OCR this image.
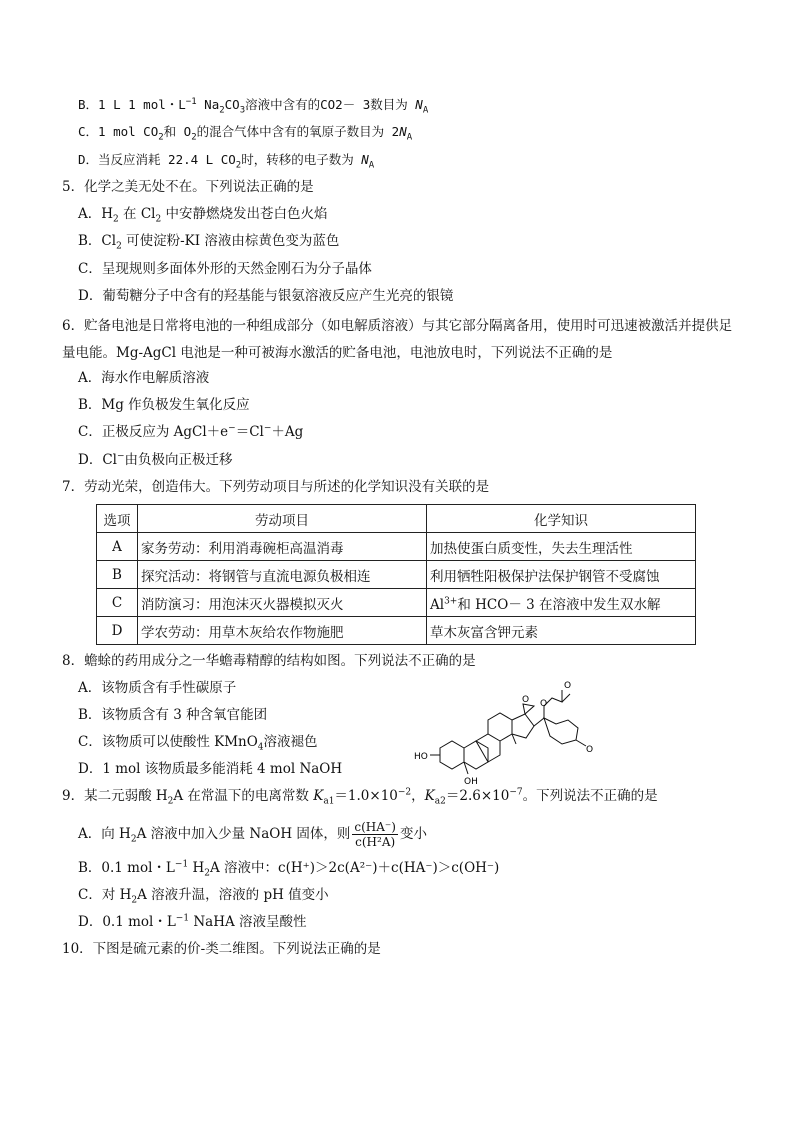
B．1 L 1 mol・$L^{-1}$ $Na_2CO_3$溶液中含有的CO2－ 3数目为 $N_A$
C．1 mol $CO_2$和 $O_2$的混合气体中含有的氧原子数目为 $2N_A$
D．当反应消耗 22.4 L $CO_2$时，转移的电子数为 $N_A$
5．化学之美无处不在。下列说法正确的是
A．$H_2$ 在 $Cl_2$ 中安静燃烧发出苍白色火焰
B．$Cl_2$ 可使淀粉-KI 溶液由棕黄色变为蓝色
C．呈现规则多面体外形的天然金刚石为分子晶体
D．葡萄糖分子中含有的羟基能与银氨溶液反应产生光亮的银镜
6．贮备电池是日常将电池的一种组成部分（如电解质溶液）与其它部分隔离备用，使用时可迅速被激活并提供足量电能。Mg-AgCl 电池是一种可被海水激活的贮备电池，电池放电时，下列说法不正确的是
A．海水作电解质溶液
B．Mg 作负极发生氧化反应
C．正极反应为 AgCl＋e−＝Cl−＋Ag
D．Cl−由负极向正极迁移
7．劳动光荣，创造伟大。下列劳动项目与所述的化学知识没有关联的是
选项	劳动项目	化学知识
A	家务劳动：利用消毒碗柜高温消毒	加热使蛋白质变性，失去生理活性
B	探究活动：将钢管与直流电源负极相连	利用牺牲阳极保护法保护钢管不受腐蚀
C	消防演习：用泡沫灭火器模拟灭火	$Al^{3+}$和 HCO－ 3 在溶液中发生双水解
D	学农劳动：用草木灰给农作物施肥	草木灰富含钾元素
8．蟾蜍的药用成分之一华蟾毒精醇的结构如图。下列说法不正确的是
A．该物质含有手性碳原子
B．该物质含有 3 种含氧官能团
C．该物质可以使酸性 KMnO$_4$溶液褪色
D．1 mol 该物质最多能消耗 4 mol NaOH
HO
OH
O
O
O
O
9．某二元弱酸 $H_2A$ 在常温下的电离常数 $K_{a1}=1.0\times 10^{-2}$，$K_{a2}=2.6\times 10^{-7}$。下列说法不正确的是
A．向 $H_2A$ 溶液中加入少量 NaOH 固体，则 $\frac{c(HA^-)}{\text{c(H²A)}}$ 变小
B．0.1 mol・$L^{-1}$ $H_2A$ 溶液中：c(H⁺)＞2c(A²⁻)＋c(HA⁻)＞c(OH⁻)
C．对 $H_2A$ 溶液升温，溶液的 pH 值变小
D．0.1 mol・$L^{-1}$ NaHA 溶液呈酸性
10．下图是硫元素的价-类二维图。下列说法正确的是
